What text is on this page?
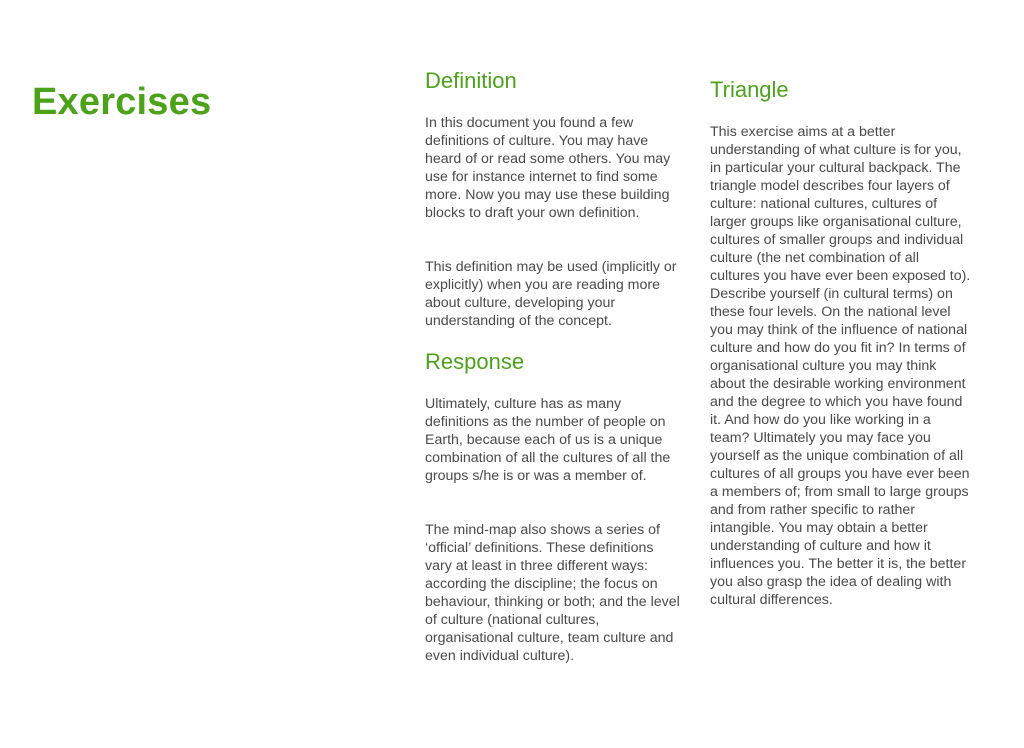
Exercises
Definition

In this document you found a few definitions of culture. You may have heard of or read some others. You may use for instance internet to find some more. Now you may use these building blocks to draft your own definition.

This definition may be used (implicitly or explicitly) when you are reading more about culture, developing your understanding of the concept.

Response

Ultimately, culture has as many definitions as the number of people on Earth, because each of us is a unique combination of all the cultures of all the groups s/he is or was a member of.

The mind-map also shows a series of ‘official’ definitions. These definitions vary at least in three different ways: according the discipline; the focus on behaviour, thinking or both; and the level of culture (national cultures, organisational culture, team culture and even individual culture).

Triangle

This exercise aims at a better understanding of what culture is for you, in particular your cultural backpack. The triangle model describes four layers of culture: national cultures, cultures of larger groups like organisational culture, cultures of smaller groups and individual culture (the net combination of all cultures you have ever been exposed to). Describe yourself (in cultural terms) on these four levels. On the national level you may think of the influence of national culture and how do you fit in? In terms of organisational culture you may think about the desirable working environment and the degree to which you have found it. And how do you like working in a team? Ultimately you may face you yourself as the unique combination of all cultures of all groups you have ever been a members of; from small to large groups and from rather specific to rather intangible. You may obtain a better understanding of culture and how it influences you. The better it is, the better you also grasp the idea of dealing with cultural differences.
